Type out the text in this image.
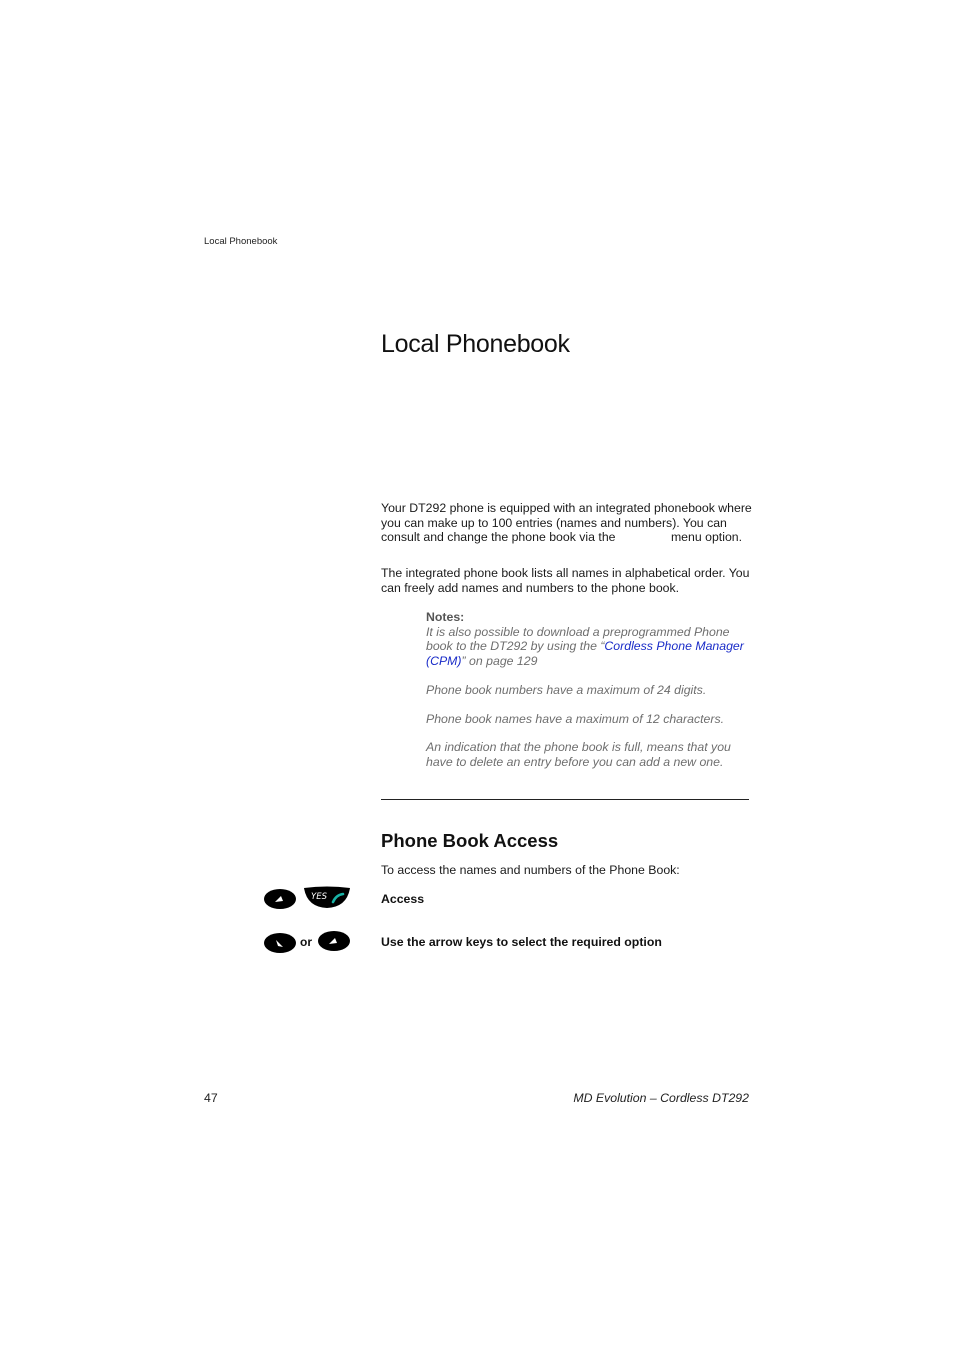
Local Phonebook
Local Phonebook
Your DT292 phone is equipped with an integrated phonebook where you can make up to 100 entries (names and numbers). You can consult and change the phone book via the	menu option.
The integrated phone book lists all names in alphabetical order. You can freely add names and numbers to the phone book.

Notes:

It is also possible to download a preprogrammed Phone book to the DT292 by using the “Cordless Phone Manager (CPM)” on page 129

Phone book numbers have a maximum of 24 digits.

Phone book names have a maximum of 12 characters.

An indication that the phone book is full, means that you have to delete an entry before you can add a new one.

Phone Book Access
To access the names and numbers of the Phone Book:
YES	Access
or	Use the arrow keys to select the required option
47	MD Evolution – Cordless DT292
